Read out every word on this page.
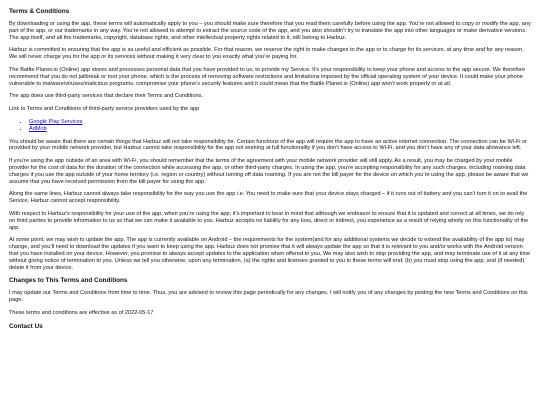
Terms & Conditions

By downloading or using the app, these terms will automatically apply to you – you should make sure therefore that you read them carefully before using the app. You’re not allowed to copy or modify the app, any part of the app, or our trademarks in any way. You’re not allowed to attempt to extract the source code of the app, and you also shouldn’t try to translate the app into other languages or make derivative versions. The app itself, and all the trademarks, copyright, database rights, and other intellectual property rights related to it, still belong to Harbuz.

Harbuz is committed to ensuring that the app is as useful and efficient as possible. For that reason, we reserve the right to make changes to the app or to charge for its services, at any time and for any reason. We will never charge you for the app or its services without making it very clear to you exactly what you’re paying for.

The Battle Planet.io (Online) app stores and processes personal data that you have provided to us, to provide my Service. It’s your responsibility to keep your phone and access to the app secure. We therefore recommend that you do not jailbreak or root your phone, which is the process of removing software restrictions and limitations imposed by the official operating system of your device. It could make your phone vulnerable to malware/viruses/malicious programs, compromise your phone’s security features and it could mean that the Battle Planet.io (Online) app won’t work properly or at all.

The app does use third-party services that declare their Terms and Conditions.

Link to Terms and Conditions of third-party service providers used by the app

• Google Play Services
• AdMob

You should be aware that there are certain things that Harbuz will not take responsibility for. Certain functions of the app will require the app to have an active internet connection. The connection can be Wi-Fi or provided by your mobile network provider, but Harbuz cannot take responsibility for the app not working at full functionality if you don’t have access to Wi-Fi, and you don’t have any of your data allowance left.

If you’re using the app outside of an area with Wi-Fi, you should remember that the terms of the agreement with your mobile network provider will still apply. As a result, you may be charged by your mobile provider for the cost of data for the duration of the connection while accessing the app, or other third-party charges. In using the app, you’re accepting responsibility for any such charges, including roaming data charges if you use the app outside of your home territory (i.e. region or country) without turning off data roaming. If you are not the bill payer for the device on which you’re using the app, please be aware that we assume that you have received permission from the bill payer for using the app.

Along the same lines, Harbuz cannot always take responsibility for the way you use the app i.e. You need to make sure that your device stays charged – if it runs out of battery and you can’t turn it on to avail the Service, Harbuz cannot accept responsibility.

With respect to Harbuz’s responsibility for your use of the app, when you’re using the app, it’s important to bear in mind that although we endeavor to ensure that it is updated and correct at all times, we do rely on third parties to provide information to us so that we can make it available to you. Harbuz accepts no liability for any loss, direct or indirect, you experience as a result of relying wholly on this functionality of the app.

At some point, we may wish to update the app. The app is currently available on Android – the requirements for the system(and for any additional systems we decide to extend the availability of the app to) may change, and you’ll need to download the updates if you want to keep using the app. Harbuz does not promise that it will always update the app so that it is relevant to you and/or works with the Android version that you have installed on your device. However, you promise to always accept updates to the application when offered to you, We may also wish to stop providing the app, and may terminate use of it at any time without giving notice of termination to you. Unless we tell you otherwise, upon any termination, (a) the rights and licenses granted to you in these terms will end; (b) you must stop using the app, and (if needed) delete it from your device.

Changes to This Terms and Conditions

I may update our Terms and Conditions from time to time. Thus, you are advised to review this page periodically for any changes. I will notify you of any changes by posting the new Terms and Conditions on this page.

These terms and conditions are effective as of 2022-05-17

Contact Us
